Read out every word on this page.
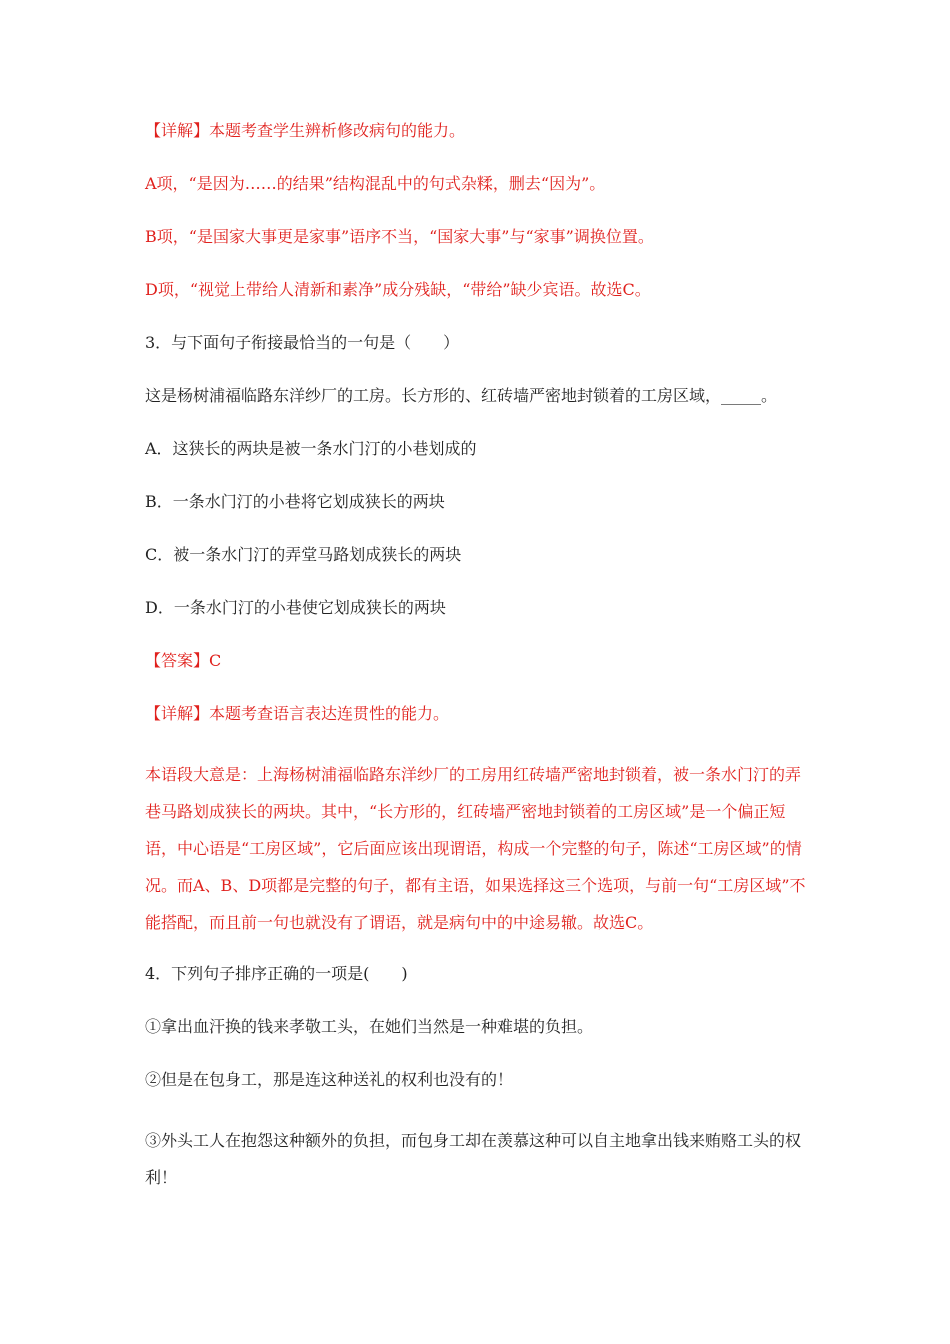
【详解】本题考查学生辨析修改病句的能力。

A项，“是因为……的结果”结构混乱中的句式杂糅，删去“因为”。

B项，“是国家大事更是家事”语序不当，“国家大事”与“家事”调换位置。

D项，“视觉上带给人清新和素净”成分残缺，“带给”缺少宾语。故选C。

3．与下面句子衔接最恰当的一句是（　　）

这是杨树浦福临路东洋纱厂的工房。长方形的、红砖墙严密地封锁着的工房区域，_____。

A．这狭长的两块是被一条水门汀的小巷划成的

B．一条水门汀的小巷将它划成狭长的两块

C．被一条水门汀的弄堂马路划成狭长的两块

D．一条水门汀的小巷使它划成狭长的两块

【答案】C

【详解】本题考查语言表达连贯性的能力。

本语段大意是：上海杨树浦福临路东洋纱厂的工房用红砖墙严密地封锁着，被一条水门汀的弄巷马路划成狭长的两块。其中，“长方形的，红砖墙严密地封锁着的工房区域”是一个偏正短语，中心语是“工房区域”，它后面应该出现谓语，构成一个完整的句子，陈述“工房区域”的情况。而A、B、D项都是完整的句子，都有主语，如果选择这三个选项，与前一句“工房区域”不能搭配，而且前一句也就没有了谓语，就是病句中的中途易辙。故选C。

4．下列句子排序正确的一项是(　　)

①拿出血汗换的钱来孝敬工头，在她们当然是一种难堪的负担。

②但是在包身工，那是连这种送礼的权利也没有的！

③外头工人在抱怨这种额外的负担，而包身工却在羡慕这种可以自主地拿出钱来贿赂工头的权利！
